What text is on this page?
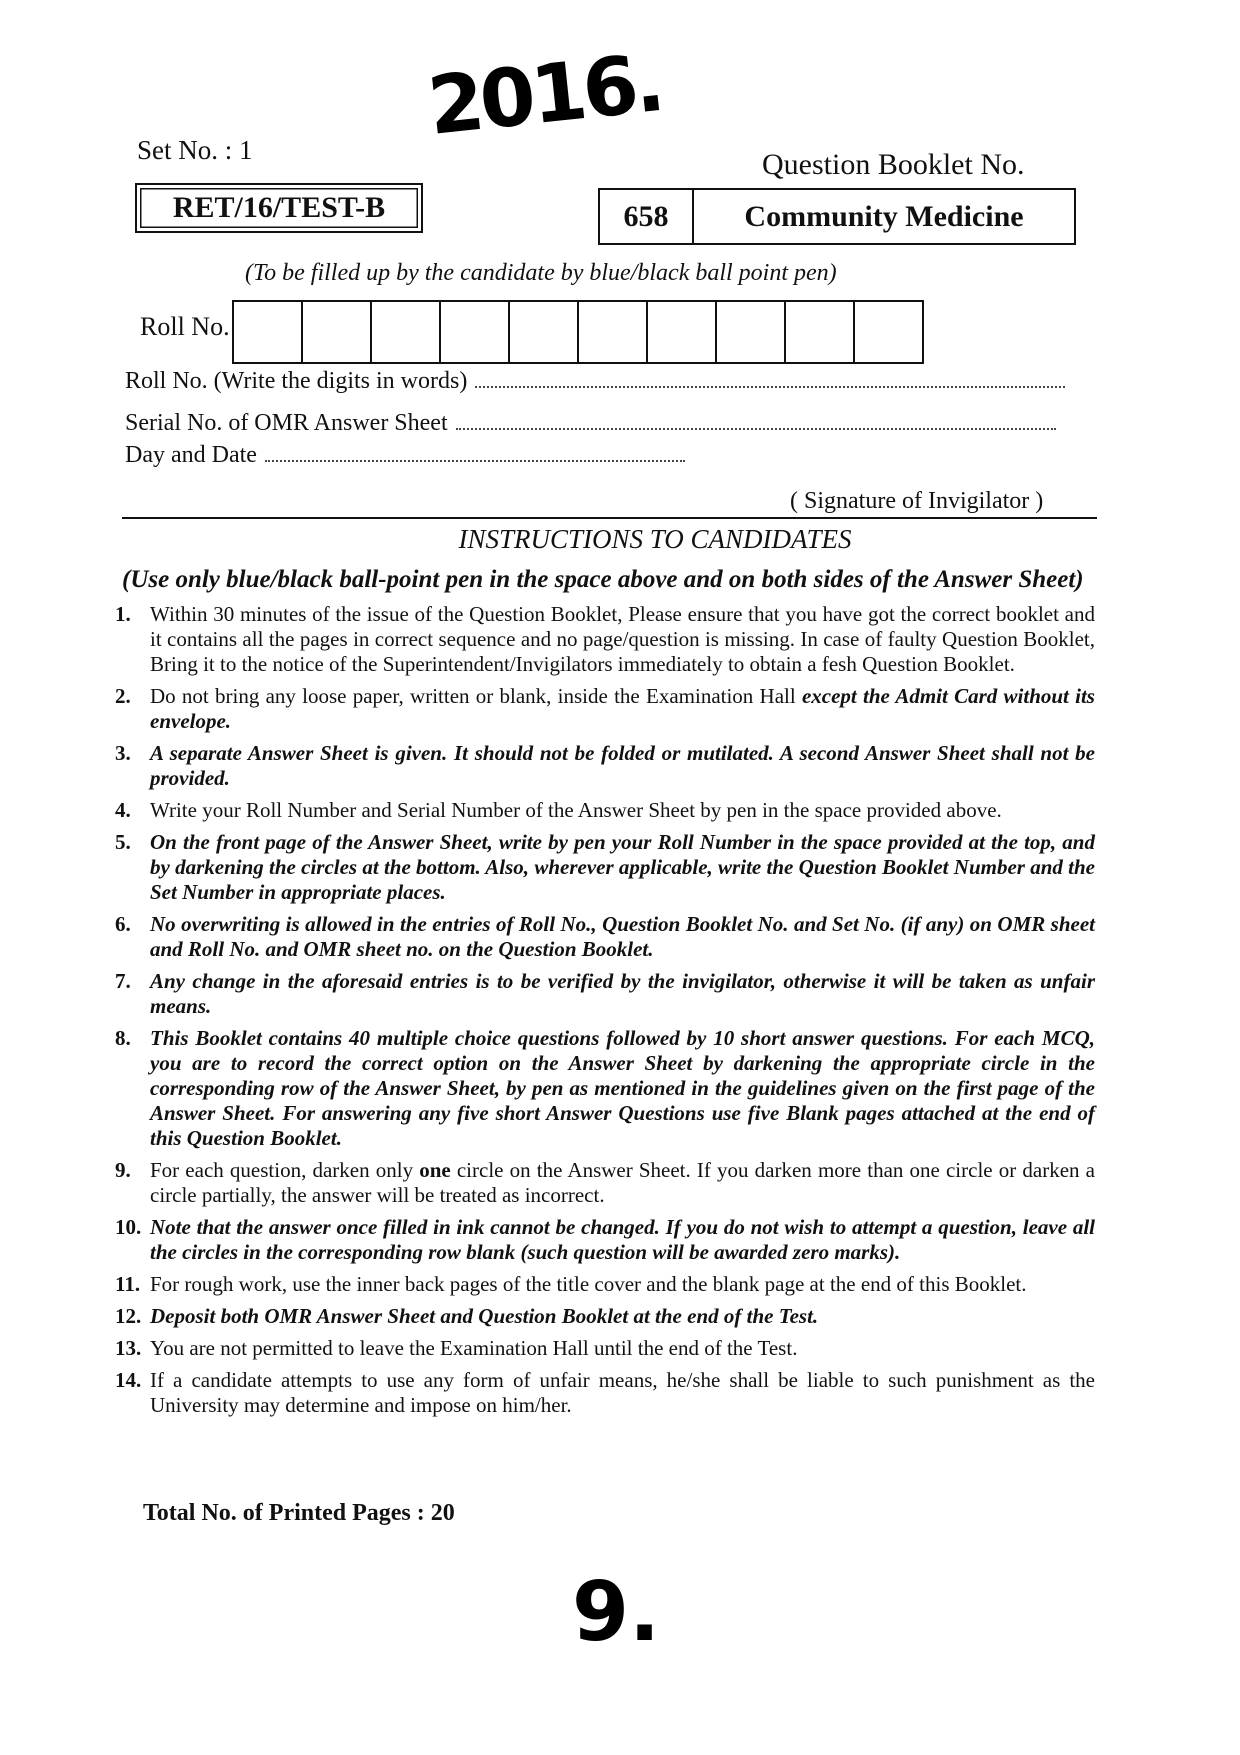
2016.
Set No. : 1	Question Booklet No.
RET/16/TEST-B	658	Community Medicine
(To be filled up by the candidate by blue/black ball point pen)
Roll No.
Roll No. (Write the digits in words)
Serial No. of OMR Answer Sheet
Day and Date
( Signature of Invigilator )
INSTRUCTIONS TO CANDIDATES
(Use only blue/black ball-point pen in the space above and on both sides of the Answer Sheet)
1. Within 30 minutes of the issue of the Question Booklet, Please ensure that you have got the correct booklet and it contains all the pages in correct sequence and no page/question is missing. In case of faulty Question Booklet, Bring it to the notice of the Superintendent/Invigilators immediately to obtain a fesh Question Booklet.
2. Do not bring any loose paper, written or blank, inside the Examination Hall except the Admit Card without its envelope.
3. A separate Answer Sheet is given. It should not be folded or mutilated. A second Answer Sheet shall not be provided.
4. Write your Roll Number and Serial Number of the Answer Sheet by pen in the space provided above.
5. On the front page of the Answer Sheet, write by pen your Roll Number in the space provided at the top, and by darkening the circles at the bottom. Also, wherever applicable, write the Question Booklet Number and the Set Number in appropriate places.
6. No overwriting is allowed in the entries of Roll No., Question Booklet No. and Set No. (if any) on OMR sheet and Roll No. and OMR sheet no. on the Question Booklet.
7. Any change in the aforesaid entries is to be verified by the invigilator, otherwise it will be taken as unfair means.
8. This Booklet contains 40 multiple choice questions followed by 10 short answer questions. For each MCQ, you are to record the correct option on the Answer Sheet by darkening the appropriate circle in the corresponding row of the Answer Sheet, by pen as mentioned in the guidelines given on the first page of the Answer Sheet. For answering any five short Answer Questions use five Blank pages attached at the end of this Question Booklet.
9. For each question, darken only one circle on the Answer Sheet. If you darken more than one circle or darken a circle partially, the answer will be treated as incorrect.
10. Note that the answer once filled in ink cannot be changed. If you do not wish to attempt a question, leave all the circles in the corresponding row blank (such question will be awarded zero marks).
11. For rough work, use the inner back pages of the title cover and the blank page at the end of this Booklet.
12. Deposit both OMR Answer Sheet and Question Booklet at the end of the Test.
13. You are not permitted to leave the Examination Hall until the end of the Test.
14. If a candidate attempts to use any form of unfair means, he/she shall be liable to such punishment as the University may determine and impose on him/her.
Total No. of Printed Pages : 20
9.
